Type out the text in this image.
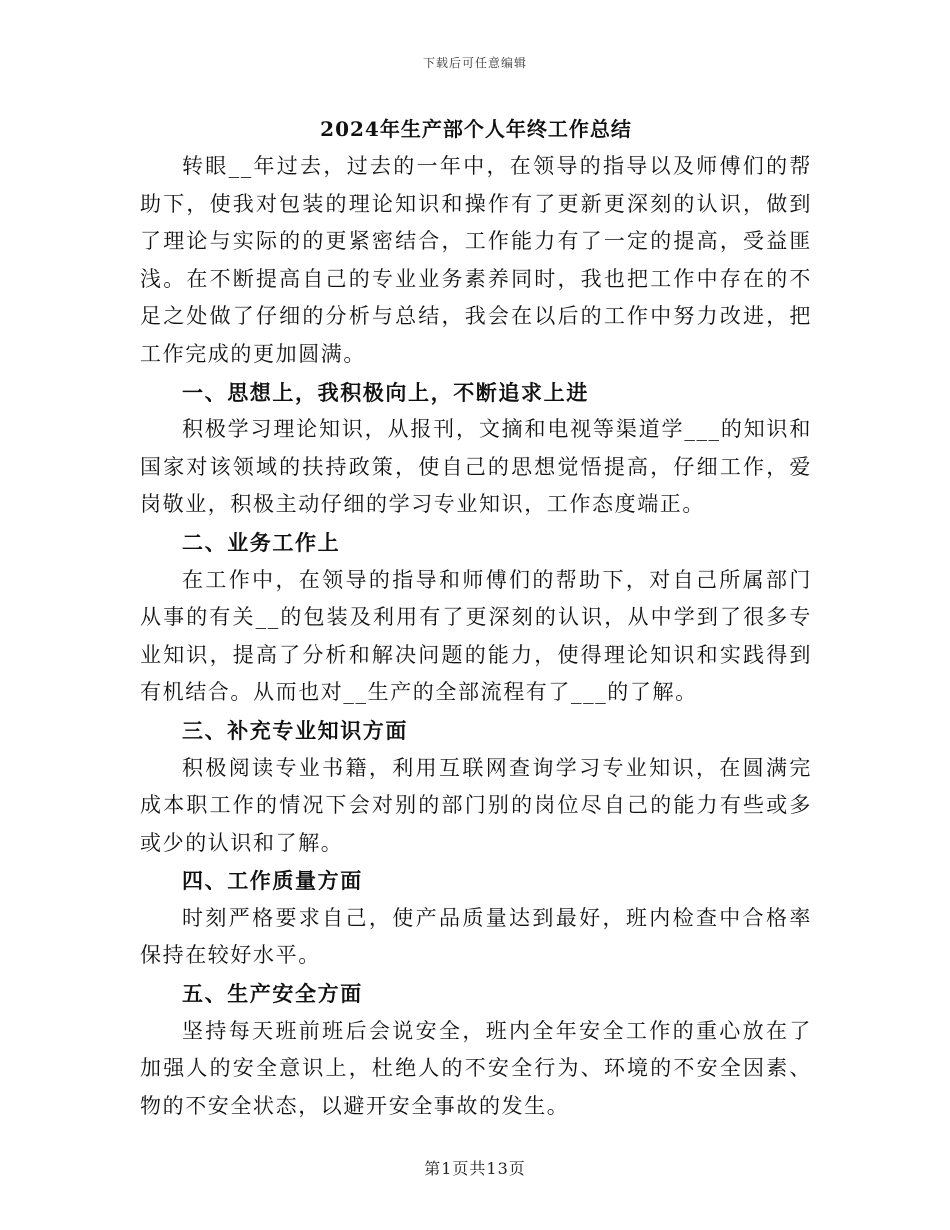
下载后可任意编辑
2024年生产部个人年终工作总结

转眼__年过去，过去的一年中，在领导的指导以及师傅们的帮助下，使我对包装的理论知识和操作有了更新更深刻的认识，做到了理论与实际的的更紧密结合，工作能力有了一定的提高，受益匪浅。在不断提高自己的专业业务素养同时，我也把工作中存在的不足之处做了仔细的分析与总结，我会在以后的工作中努力改进，把工作完成的更加圆满。

一、思想上，我积极向上，不断追求上进

积极学习理论知识，从报刊，文摘和电视等渠道学___的知识和国家对该领域的扶持政策，使自己的思想觉悟提高，仔细工作，爱岗敬业，积极主动仔细的学习专业知识，工作态度端正。

二、业务工作上

在工作中，在领导的指导和师傅们的帮助下，对自己所属部门从事的有关__的包装及利用有了更深刻的认识，从中学到了很多专业知识，提高了分析和解决问题的能力，使得理论知识和实践得到有机结合。从而也对__生产的全部流程有了___的了解。

三、补充专业知识方面

积极阅读专业书籍，利用互联网查询学习专业知识，在圆满完成本职工作的情况下会对别的部门别的岗位尽自己的能力有些或多或少的认识和了解。

四、工作质量方面

时刻严格要求自己，使产品质量达到最好，班内检查中合格率保持在较好水平。

五、生产安全方面

坚持每天班前班后会说安全，班内全年安全工作的重心放在了加强人的安全意识上，杜绝人的不安全行为、环境的不安全因素、物的不安全状态，以避开安全事故的发生。

第1页共13页
